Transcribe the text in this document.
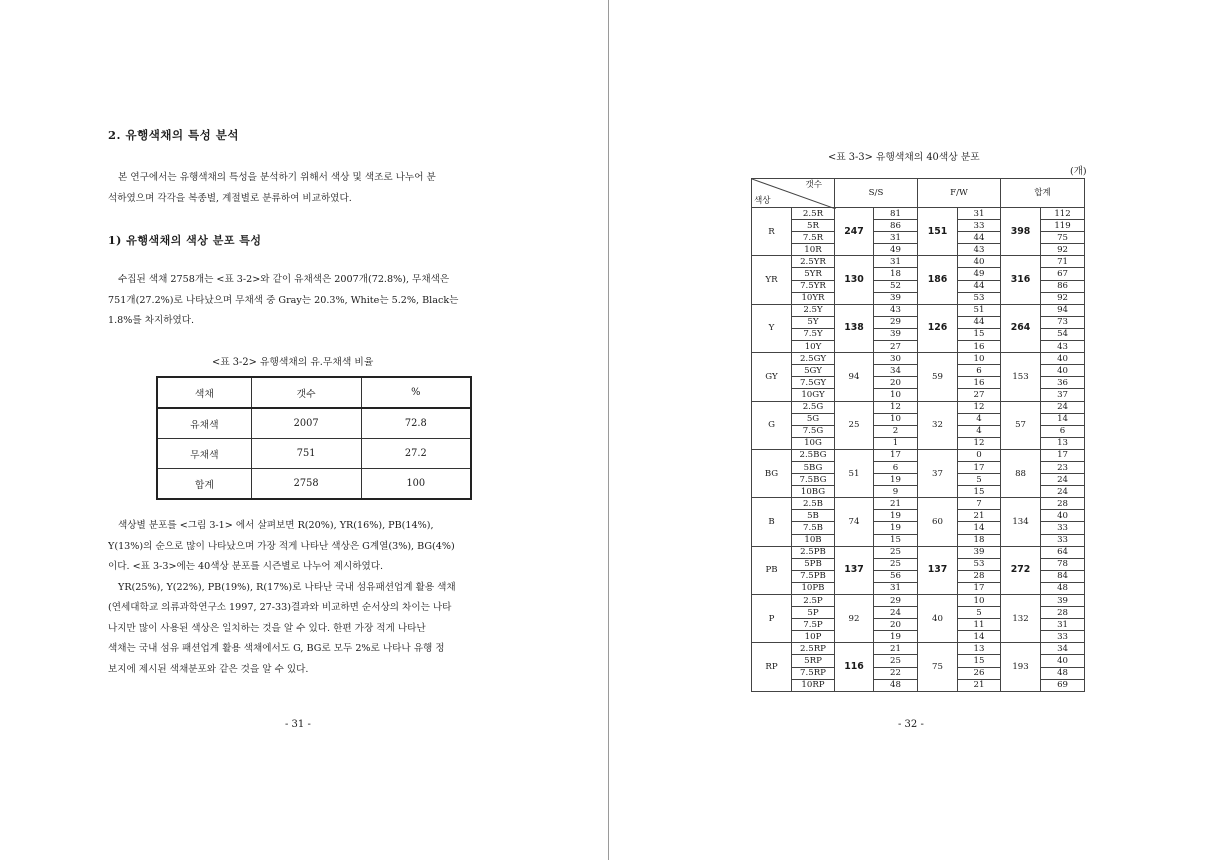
2. 유행색채의 특성 분석

본 연구에서는 유행색채의 특성을 분석하기 위해서 색상 및 색조로 나누어 분
석하였으며 각각을 복종별, 계절별로 분류하여 비교하였다.

1) 유행색채의 색상 분포 특성

수집된 색채 2758개는 <표 3-2>와 같이 유채색은 2007개(72.8%), 무채색은
751개(27.2%)로 나타났으며 무채색 중 Gray는 20.3%, White는 5.2%, Black는
1.8%를 차지하였다.

<표 3-2> 유행색채의 유.무채색 비율
색채	갯수	%
유채색	2007	72.8
무채색	751	27.2
합계	2758	100

색상별 분포를 <그림 3-1> 에서 살펴보면 R(20%), YR(16%), PB(14%),
Y(13%)의 순으로 많이 나타났으며 가장 적게 나타난 색상은 G계열(3%), BG(4%)
이다. <표 3-3>에는 40색상 분포를 시즌별로 나누어 제시하였다.
YR(25%), Y(22%), PB(19%), R(17%)로 나타난 국내 섬유패션업계 활용 색채
(연세대학교 의류과학연구소 1997, 27-33)결과와 비교하면 순서상의 차이는 나타
나지만 많이 사용된 색상은 일치하는 것을 알 수 있다. 한편 가장 적게 나타난
색채는 국내 섬유 패션업계 활용 색채에서도 G, BG로 모두 2%로 나타나 유행 정
보지에 제시된 색채분포와 같은 것을 알 수 있다.

- 31 -
<표 3-3> 유행색채의 40색상 분포
(개)
갯수
색상		S/S		F/W		합계	
R	2.5R	247	81	151	31	398	112
	5R		86		33		119
	7.5R		31		44		75
	10R		49		43		92
YR	2.5YR	130	31	186	40	316	71
	5YR		18		49		67
	7.5YR		52		44		86
	10YR		39		53		92
Y	2.5Y	138	43	126	51	264	94
	5Y		29		44		73
	7.5Y		39		15		54
	10Y		27		16		43
GY	2.5GY	94	30	59	10	153	40
	5GY		34		6		40
	7.5GY		20		16		36
	10GY		10		27		37
G	2.5G	25	12	32	12	57	24
	5G		10		4		14
	7.5G		2		4		6
	10G		1		12		13
BG	2.5BG	51	17	37	0	88	17
	5BG		6		17		23
	7.5BG		19		5		24
	10BG		9		15		24
B	2.5B	74	21	60	7	134	28
	5B		19		21		40
	7.5B		19		14		33
	10B		15		18		33
PB	2.5PB	137	25	137	39	272	64
	5PB		25		53		78
	7.5PB		56		28		84
	10PB		31		17		48
P	2.5P	92	29	40	10	132	39
	5P		24		5		28
	7.5P		20		11		31
	10P		19		14		33
RP	2.5RP	116	21	75	13	193	34
	5RP		25		15		40
	7.5RP		22		26		48
	10RP		48		21		69
- 32 -
